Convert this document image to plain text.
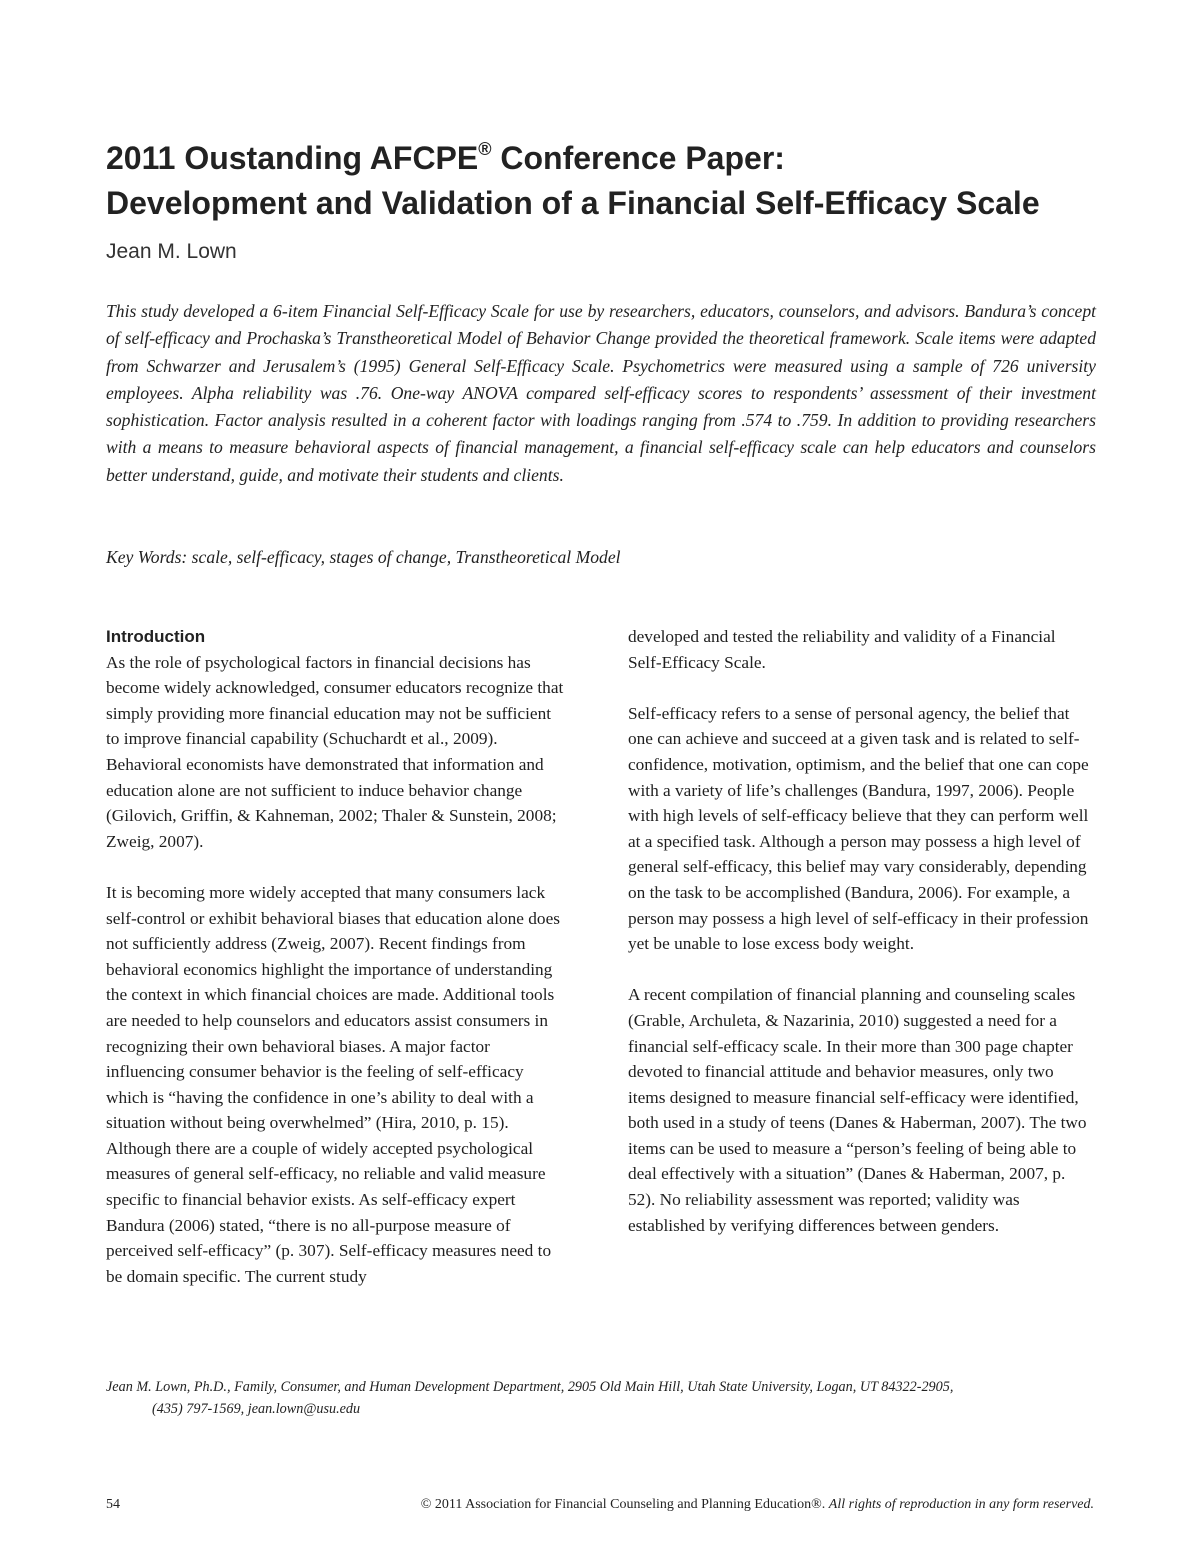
2011 Oustanding AFCPE® Conference Paper:
Development and Validation of a Financial Self-Efficacy Scale
Jean M. Lown

This study developed a 6-item Financial Self-Efficacy Scale for use by researchers, educators, counselors, and advisors. Bandura’s concept of self-efficacy and Prochaska’s Transtheoretical Model of Behavior Change provided the theoretical framework. Scale items were adapted from Schwarzer and Jerusalem’s (1995) General Self-Efficacy Scale. Psychometrics were measured using a sample of 726 university employees. Alpha reliability was .76. One-way ANOVA compared self-efficacy scores to respondents’ assessment of their investment sophistication. Factor analysis resulted in a coherent factor with loadings ranging from .574 to .759. In addition to providing researchers with a means to measure behavioral aspects of financial management, a financial self-efficacy scale can help educators and counselors better understand, guide, and motivate their students and clients.

Key Words: scale, self-efficacy, stages of change, Transtheoretical Model

Introduction

As the role of psychological factors in financial decisions has become widely acknowledged, consumer educators recognize that simply providing more financial education may not be sufficient to improve financial capability (Schuchardt et al., 2009). Behavioral economists have demonstrated that information and education alone are not sufficient to induce behavior change (Gilovich, Griffin, & Kahneman, 2002; Thaler & Sunstein, 2008; Zweig, 2007).

It is becoming more widely accepted that many consumers lack self-control or exhibit behavioral biases that education alone does not sufficiently address (Zweig, 2007). Recent findings from behavioral economics highlight the importance of understanding the context in which financial choices are made. Additional tools are needed to help counselors and educators assist consumers in recognizing their own behavioral biases. A major factor influencing consumer behavior is the feeling of self-efficacy which is “having the confidence in one’s ability to deal with a situation without being overwhelmed” (Hira, 2010, p. 15). Although there are a couple of widely accepted psychological measures of general self-efficacy, no reliable and valid measure specific to financial behavior exists. As self-efficacy expert Bandura (2006) stated, “there is no all-purpose measure of perceived self-efficacy” (p. 307). Self-efficacy measures need to be domain specific. The current study

developed and tested the reliability and validity of a Financial Self-Efficacy Scale.

Self-efficacy refers to a sense of personal agency, the belief that one can achieve and succeed at a given task and is related to self-confidence, motivation, optimism, and the belief that one can cope with a variety of life’s challenges (Bandura, 1997, 2006). People with high levels of self-efficacy believe that they can perform well at a specified task. Although a person may possess a high level of general self-efficacy, this belief may vary considerably, depending on the task to be accomplished (Bandura, 2006). For example, a person may possess a high level of self-efficacy in their profession yet be unable to lose excess body weight.

A recent compilation of financial planning and counseling scales (Grable, Archuleta, & Nazarinia, 2010) suggested a need for a financial self-efficacy scale. In their more than 300 page chapter devoted to financial attitude and behavior measures, only two items designed to measure financial self-efficacy were identified, both used in a study of teens (Danes & Haberman, 2007). The two items can be used to measure a “person’s feeling of being able to deal effectively with a situation” (Danes & Haberman, 2007, p. 52). No reliability assessment was reported; validity was established by verifying differences between genders.

Jean M. Lown, Ph.D., Family, Consumer, and Human Development Department, 2905 Old Main Hill, Utah State University, Logan, UT 84322-2905,
(435) 797-1569, jean.lown@usu.edu
54	© 2011 Association for Financial Counseling and Planning Education®. All rights of reproduction in any form reserved.
